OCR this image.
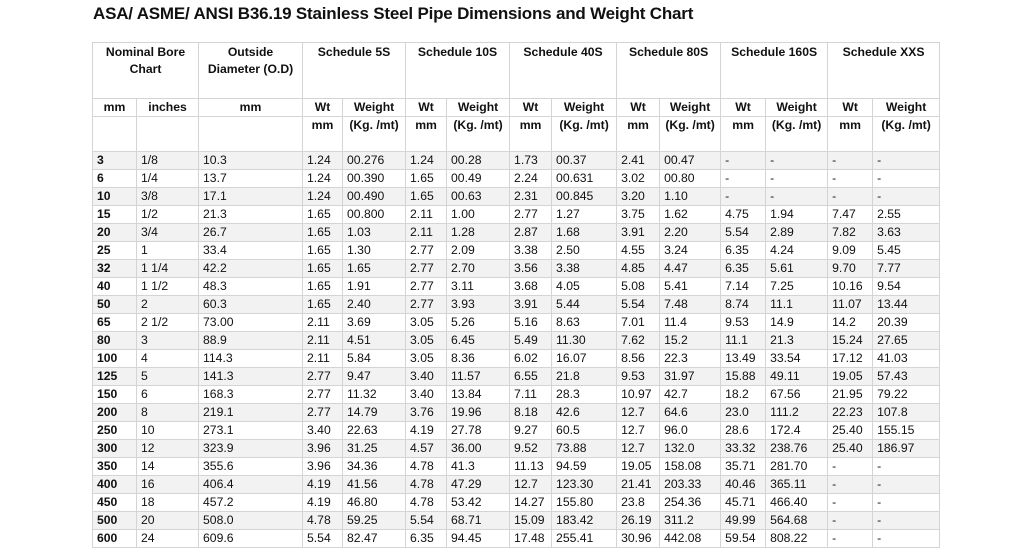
ASA/ ASME/ ANSI B36.19 Stainless Steel Pipe Dimensions and Weight Chart
Nominal Bore Chart		Outside Diameter (O.D)	Schedule 5S		Schedule 10S		Schedule 40S		Schedule 80S		Schedule 160S		Schedule XXS	
mm	inches	mm	Wt	Weight	Wt	Weight	Wt	Weight	Wt	Weight	Wt	Weight	Wt	Weight
			mm	(Kg. /mt)	mm	(Kg. /mt)	mm	(Kg. /mt)	mm	(Kg. /mt)	mm	(Kg. /mt)	mm	(Kg. /mt)
3	1/8	10.3	1.24	00.276	1.24	00.28	1.73	00.37	2.41	00.47	-	-	-	-
6	1/4	13.7	1.24	00.390	1.65	00.49	2.24	00.631	3.02	00.80	-	-	-	-
10	3/8	17.1	1.24	00.490	1.65	00.63	2.31	00.845	3.20	1.10	-	-	-	-
15	1/2	21.3	1.65	00.800	2.11	1.00	2.77	1.27	3.75	1.62	4.75	1.94	7.47	2.55
20	3/4	26.7	1.65	1.03	2.11	1.28	2.87	1.68	3.91	2.20	5.54	2.89	7.82	3.63
25	1	33.4	1.65	1.30	2.77	2.09	3.38	2.50	4.55	3.24	6.35	4.24	9.09	5.45
32	1 1/4	42.2	1.65	1.65	2.77	2.70	3.56	3.38	4.85	4.47	6.35	5.61	9.70	7.77
40	1 1/2	48.3	1.65	1.91	2.77	3.11	3.68	4.05	5.08	5.41	7.14	7.25	10.16	9.54
50	2	60.3	1.65	2.40	2.77	3.93	3.91	5.44	5.54	7.48	8.74	11.1	11.07	13.44
65	2 1/2	73.00	2.11	3.69	3.05	5.26	5.16	8.63	7.01	11.4	9.53	14.9	14.2	20.39
80	3	88.9	2.11	4.51	3.05	6.45	5.49	11.30	7.62	15.2	11.1	21.3	15.24	27.65
100	4	114.3	2.11	5.84	3.05	8.36	6.02	16.07	8.56	22.3	13.49	33.54	17.12	41.03
125	5	141.3	2.77	9.47	3.40	11.57	6.55	21.8	9.53	31.97	15.88	49.11	19.05	57.43
150	6	168.3	2.77	11.32	3.40	13.84	7.11	28.3	10.97	42.7	18.2	67.56	21.95	79.22
200	8	219.1	2.77	14.79	3.76	19.96	8.18	42.6	12.7	64.6	23.0	111.2	22.23	107.8
250	10	273.1	3.40	22.63	4.19	27.78	9.27	60.5	12.7	96.0	28.6	172.4	25.40	155.15
300	12	323.9	3.96	31.25	4.57	36.00	9.52	73.88	12.7	132.0	33.32	238.76	25.40	186.97
350	14	355.6	3.96	34.36	4.78	41.3	11.13	94.59	19.05	158.08	35.71	281.70	-	-
400	16	406.4	4.19	41.56	4.78	47.29	12.7	123.30	21.41	203.33	40.46	365.11	-	-
450	18	457.2	4.19	46.80	4.78	53.42	14.27	155.80	23.8	254.36	45.71	466.40	-	-
500	20	508.0	4.78	59.25	5.54	68.71	15.09	183.42	26.19	311.2	49.99	564.68	-	-
600	24	609.6	5.54	82.47	6.35	94.45	17.48	255.41	30.96	442.08	59.54	808.22	-	-
